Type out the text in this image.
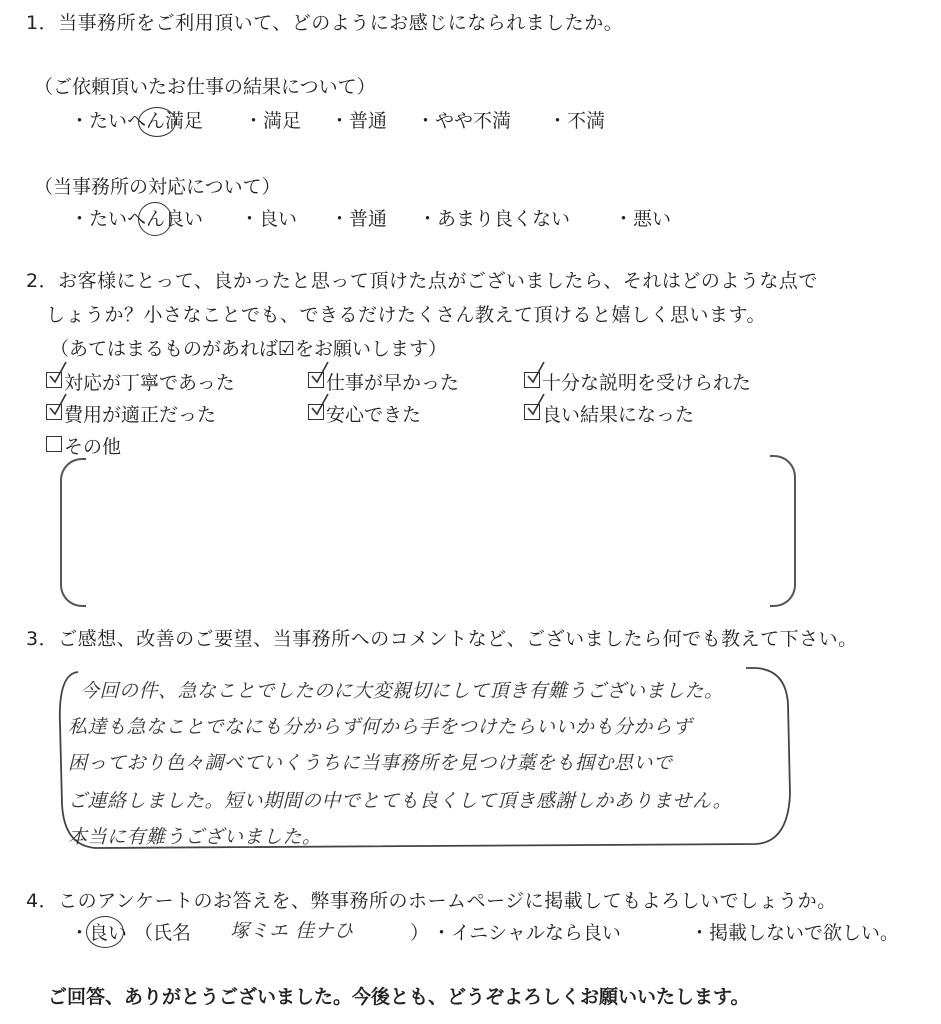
1．当事務所をご利用頂いて、どのようにお感じになられましたか。
（ご依頼頂いたお仕事の結果について）
・たいへん満足 ・満足 ・普通 ・やや不満 ・不満
（当事務所の対応について）
・たいへん良い ・良い ・普通 ・あまり良くない ・悪い
2．お客様にとって、良かったと思って頂けた点がございましたら、それはどのような点で
しょうか？小さなことでも、できるだけたくさん教えて頂けると嬉しく思います。
（あてはまるものがあれば☑をお願いします）
対応が丁寧であった	仕事が早かった	十分な説明を受けられた
費用が適正だった	安心できた	良い結果になった
その他
3．ご感想、改善のご要望、当事務所へのコメントなど、ございましたら何でも教えて下さい。
今回の件、急なことでしたのに大変親切にして頂き有難うございました。
私達も急なことでなにも分からず何から手をつけたらいいかも分からず
困っており色々調べていくうちに当事務所を見つけ藁をも掴む思いで
ご連絡しました。短い期間の中でとても良くして頂き感謝しかありません。
本当に有難うございました。
4．このアンケートのお答えを、弊事務所のホームページに掲載してもよろしいでしょうか。
・良い （氏名 塚ミエ 佳ナひ	） ・イニシャルなら良い	・掲載しないで欲しい。
ご回答、ありがとうございました。今後とも、どうぞよろしくお願いいたします。
